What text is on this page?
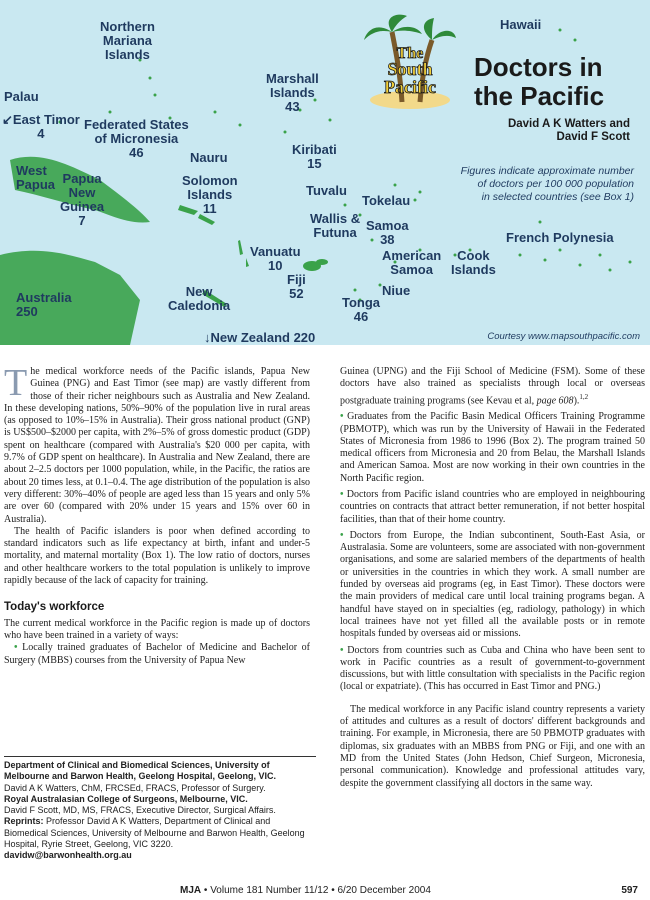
Hawaii
Northern
Mariana
Islands
Palau
↙East Timor
4
Federated States
of Micronesia
46
Marshall
Islands
43
Kiribati
15
Nauru
West
Papua Papua
New
Guinea
7
Solomon
Islands
11
Tuvalu
Tokelau
Wallis &
Futuna Samoa
38	French Polynesia
Vanuatu
10
Fiji
52
American
Samoa
Cook
Islands
Australia
250
New
Caledonia
Niue
Tonga
46
↓New Zealand 220
The
South
Pacific
Doctors in
the Pacific
David A K Watters and
David F Scott
Figures indicate approximate number
of doctors per 100 000 population
in selected countries (see Box 1)
Courtesy www.mapsouthpacific.com

The medical workforce needs of the Pacific islands, Papua New Guinea (PNG) and East Timor (see map) are vastly different from those of their richer neighbours such as Australia and New Zealand. In these developing nations, 50%–90% of the population live in rural areas (as opposed to 10%–15% in Australia). Their gross national product (GNP) is US$500–$2000 per capita, with 2%–5% of gross domestic product (GDP) spent on healthcare (compared with Australia's $20 000 per capita, with 9.7% of GDP spent on healthcare). In Australia and New Zealand, there are about 2–2.5 doctors per 1000 population, while, in the Pacific, the ratios are about 20 times less, at 0.1–0.4. The age distribution of the population is also very different: 30%–40% of people are aged less than 15 years and only 5% are over 60 (compared with 20% under 15 years and 15% over 60 in Australia).

The health of Pacific islanders is poor when defined according to standard indicators such as life expectancy at birth, infant and under-5 mortality, and maternal mortality (Box 1). The low ratio of doctors, nurses and other healthcare workers to the total population is unlikely to improve rapidly because of the lack of capacity for training.

Today's workforce

The current medical workforce in the Pacific region is made up of doctors who have been trained in a variety of ways:

• Locally trained graduates of Bachelor of Medicine and Bachelor of Surgery (MBBS) courses from the University of Papua New

Department of Clinical and Biomedical Sciences, University of Melbourne and Barwon Health, Geelong Hospital, Geelong, VIC.
David A K Watters, ChM, FRCSEd, FRACS, Professor of Surgery.
Royal Australasian College of Surgeons, Melbourne, VIC.
David F Scott, MD, MS, FRACS, Executive Director, Surgical Affairs.
Reprints: Professor David A K Watters, Department of Clinical and Biomedical Sciences, University of Melbourne and Barwon Health, Geelong Hospital, Ryrie Street, Geelong, VIC 3220.
davidw@barwonhealth.org.au

Guinea (UPNG) and the Fiji School of Medicine (FSM). Some of these doctors have also trained as specialists through local or overseas postgraduate training programs (see Kevau et al, page 608).$^{1,2}$

• Graduates from the Pacific Basin Medical Officers Training Programme (PBMOTP), which was run by the University of Hawaii in the Federated States of Micronesia from 1986 to 1996 (Box 2). The program trained 50 medical officers from Micronesia and 20 from Belau, the Marshall Islands and American Samoa. Most are now working in their own countries in the North Pacific region.

• Doctors from Pacific island countries who are employed in neighbouring countries on contracts that attract better remuneration, if not better hospital facilities, than that of their home country.

• Doctors from Europe, the Indian subcontinent, South-East Asia, or Australasia. Some are volunteers, some are associated with non-government organisations, and some are salaried members of the departments of health or universities in the countries in which they work. A small number are funded by overseas aid programs (eg, in East Timor). These doctors were the main providers of medical care until local training programs began. A handful have stayed on in specialties (eg, radiology, pathology) in which local trainees have not yet filled all the available posts or in remote hospitals funded by overseas aid or missions.

• Doctors from countries such as Cuba and China who have been sent to work in Pacific countries as a result of government-to-government discussions, but with little consultation with specialists in the Pacific region (local or expatriate). (This has occurred in East Timor and PNG.)

The medical workforce in any Pacific island country represents a variety of attitudes and cultures as a result of doctors' different backgrounds and training. For example, in Micronesia, there are 50 PBMOTP graduates with diplomas, six graduates with an MBBS from PNG or Fiji, and one with an MD from the United States (John Hedson, Chief Surgeon, Micronesia, personal communication). Knowledge and professional attitudes vary, despite the government classifying all doctors in the same way.

MJA • Volume 181 Number 11/12 • 6/20 December 2004	597
